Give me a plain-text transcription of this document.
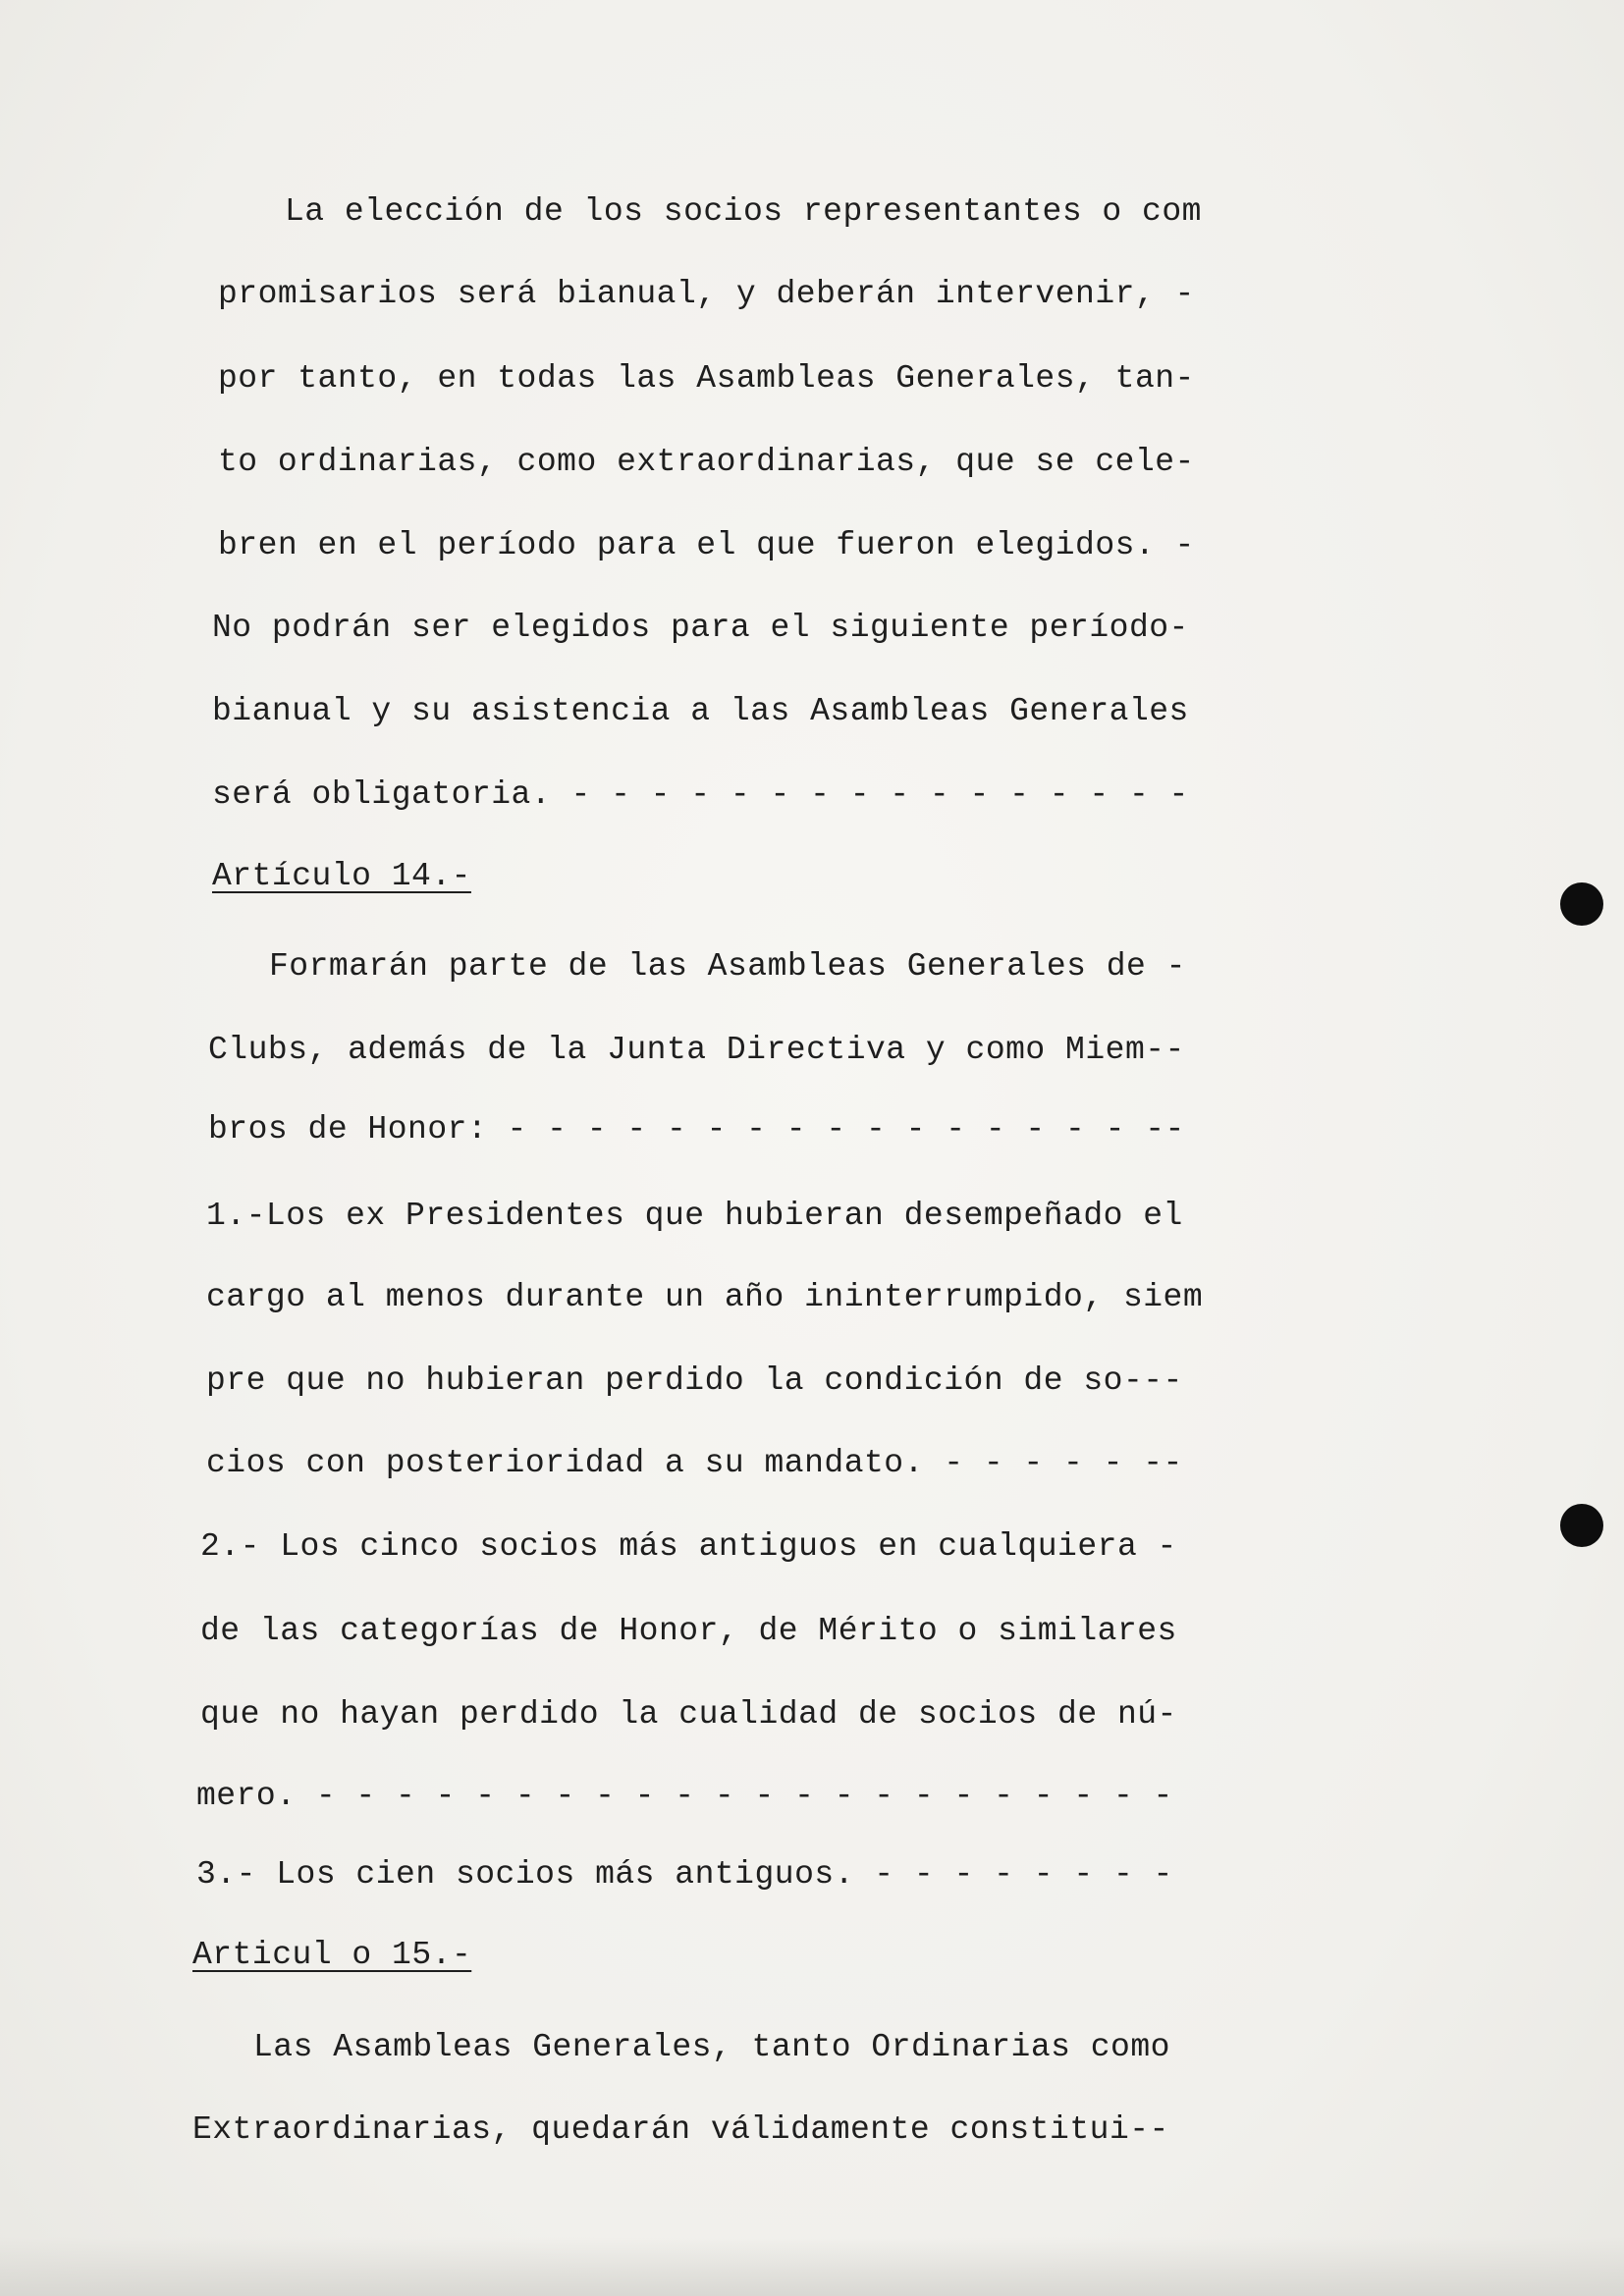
La elección de los socios representantes o com
promisarios será bianual, y deberán intervenir, -
por tanto, en todas las Asambleas Generales, tan-
to ordinarias, como extraordinarias, que se cele-
bren en el período para el que fueron elegidos. -
No podrán ser elegidos para el siguiente período-
bianual y su asistencia a las Asambleas Generales
será obligatoria. - - - - - - - - - - - - - - - -
Artículo 14.-
Formarán parte de las Asambleas Generales de -
Clubs, además de la Junta Directiva y como Miem--
bros de Honor: - - - - - - - - - - - - - - - - --
1.-Los ex Presidentes que hubieran desempeñado el
cargo al menos durante un año ininterrumpido, siem
pre que no hubieran perdido la condición de so---
cios con posterioridad a su mandato. - - - - - --
2.- Los cinco socios más antiguos en cualquiera -
de las categorías de Honor, de Mérito o similares
que no hayan perdido la cualidad de socios de nú-
mero. - - - - - - - - - - - - - - - - - - - - - -
3.- Los cien socios más antiguos. - - - - - - - -
Articul o 15.-
Las Asambleas Generales, tanto Ordinarias como
Extraordinarias, quedarán válidamente constitui--
